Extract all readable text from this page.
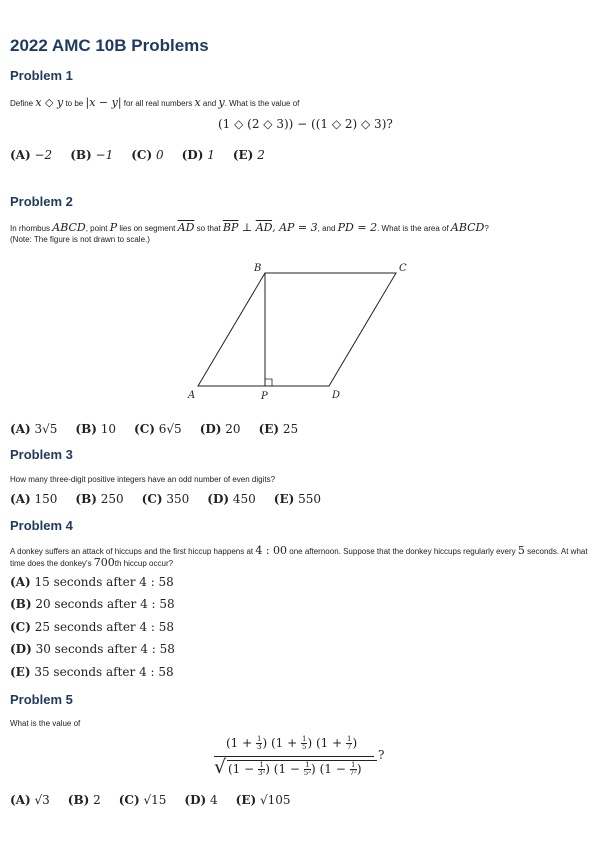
2022 AMC 10B Problems
Problem 1
Define x ◇ y to be |x − y| for all real numbers x and y. What is the value of
(1 ◇ (2 ◇ 3)) − ((1 ◇ 2) ◇ 3)?
(A) −2 (B) −1 (C) 0 (D) 1 (E) 2
Problem 2
In rhombus ABCD, point P lies on segment $\overline{AD}$ so that $\overline{BP}$ ⊥ $\overline{AD}$, AP = 3, and PD = 2. What is the area of ABCD?
(Note: The figure is not drawn to scale.)
A
B	C
D
P
(A) 3√5 (B) 10 (C) 6√5 (D) 20 (E) 25
Problem 3
How many three-digit positive integers have an odd number of even digits?
(A) 150 (B) 250 (C) 350 (D) 450 (E) 550
Problem 4
A donkey suffers an attack of hiccups and the first hiccup happens at 4 : 00 one afternoon. Suppose that the donkey hiccups regularly every 5 seconds. At what time does the donkey's 700th hiccup occur?
(A) 15 seconds after 4 : 58
(B) 20 seconds after 4 : 58
(C) 25 seconds after 4 : 58
(D) 30 seconds after 4 : 58
(E) 35 seconds after 4 : 58
Problem 5
What is the value of
($1 + \frac{1}{3}$ ) ($1 + \frac{1}{5}$ ) ($1 + \frac{1}{7}$ )
√ ($1 - \frac{1}{\text{3²}}$ ) ($1 - \frac{1}{\text{5²}}$ ) ($1 - \frac{1}{\text{7²}}$ )
?
(A) √3 (B) 2 (C) √15 (D) 4 (E) √105
